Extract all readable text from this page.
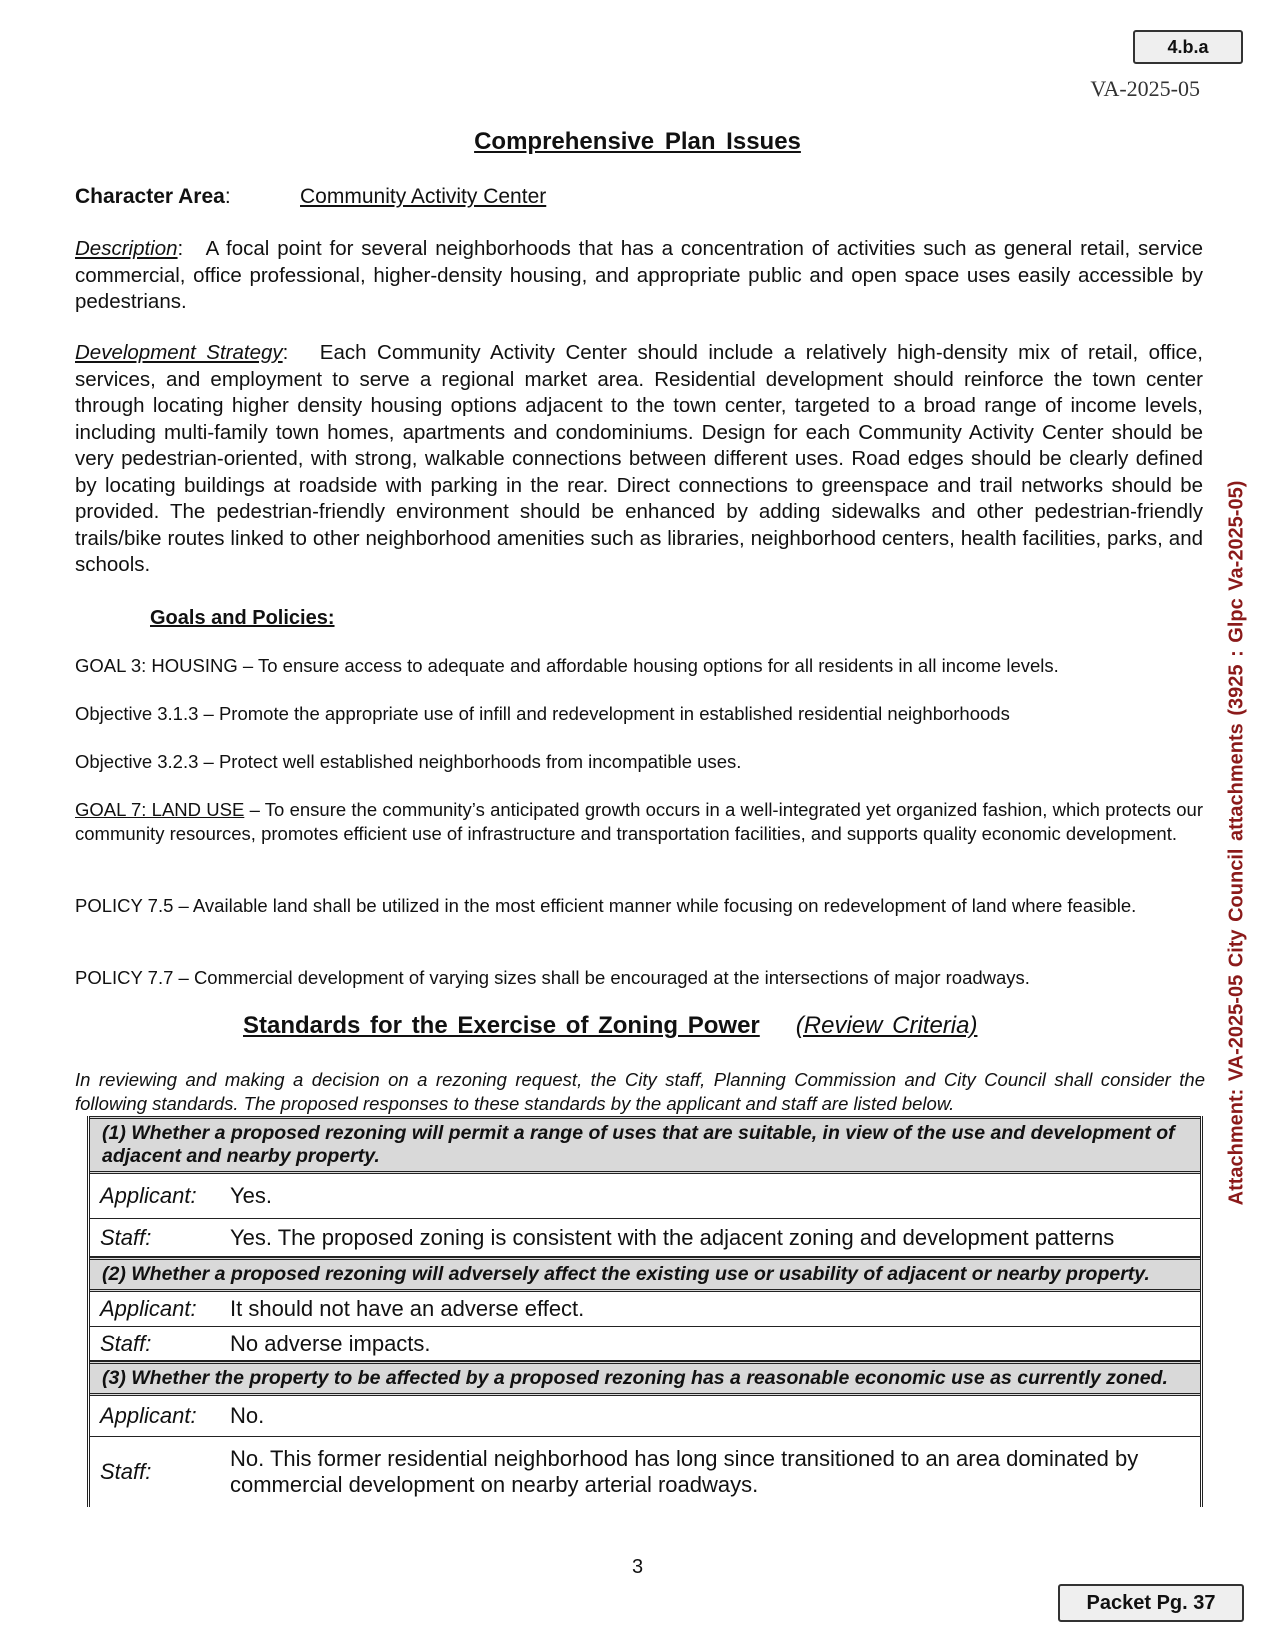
4.b.a
VA-2025-05
Comprehensive Plan Issues
Character Area:	Community Activity Center
Description:   A focal point for several neighborhoods that has a concentration of activities such as general retail, service commercial, office professional, higher-density housing, and appropriate public and open space uses easily accessible by pedestrians.
Development Strategy:   Each Community Activity Center should include a relatively high-density mix of retail, office, services, and employment to serve a regional market area. Residential development should reinforce the town center through locating higher density housing options adjacent to the town center, targeted to a broad range of income levels, including multi-family town homes, apartments and condominiums. Design for each Community Activity Center should be very pedestrian-oriented, with strong, walkable connections between different uses. Road edges should be clearly defined by locating buildings at roadside with parking in the rear. Direct connections to greenspace and trail networks should be provided. The pedestrian-friendly environment should be enhanced by adding sidewalks and other pedestrian-friendly trails/bike routes linked to other neighborhood amenities such as libraries, neighborhood centers, health facilities, parks, and schools.
Goals and Policies:
GOAL 3: HOUSING – To ensure access to adequate and affordable housing options for all residents in all income levels.
Objective 3.1.3 – Promote the appropriate use of infill and redevelopment in established residential neighborhoods
Objective 3.2.3 – Protect well established neighborhoods from incompatible uses.
GOAL 7: LAND USE – To ensure the community’s anticipated growth occurs in a well-integrated yet organized fashion, which protects our community resources, promotes efficient use of infrastructure and transportation facilities, and supports quality economic development.
POLICY 7.5 – Available land shall be utilized in the most efficient manner while focusing on redevelopment of land where feasible.
POLICY 7.7 – Commercial development of varying sizes shall be encouraged at the intersections of major roadways.
Standards for the Exercise of Zoning Power (Review Criteria)
In reviewing and making a decision on a rezoning request, the City staff, Planning Commission and City Council shall consider the following standards. The proposed responses to these standards by the applicant and staff are listed below.
(1) Whether a proposed rezoning will permit a range of uses that are suitable, in view of the use and development of adjacent and nearby property.
Applicant:	Yes.
Staff:	Yes. The proposed zoning is consistent with the adjacent zoning and development patterns
(2) Whether a proposed rezoning will adversely affect the existing use or usability of adjacent or nearby property.
Applicant:	It should not have an adverse effect.
Staff:	No adverse impacts.
(3) Whether the property to be affected by a proposed rezoning has a reasonable economic use as currently zoned.
Applicant:	No.
Staff:
No. This former residential neighborhood has long since transitioned to an area dominated by commercial development on nearby arterial roadways.
3
Packet Pg. 37
Attachment: VA-2025-05 City Council attachments (3925 : Glpc Va-2025-05)
